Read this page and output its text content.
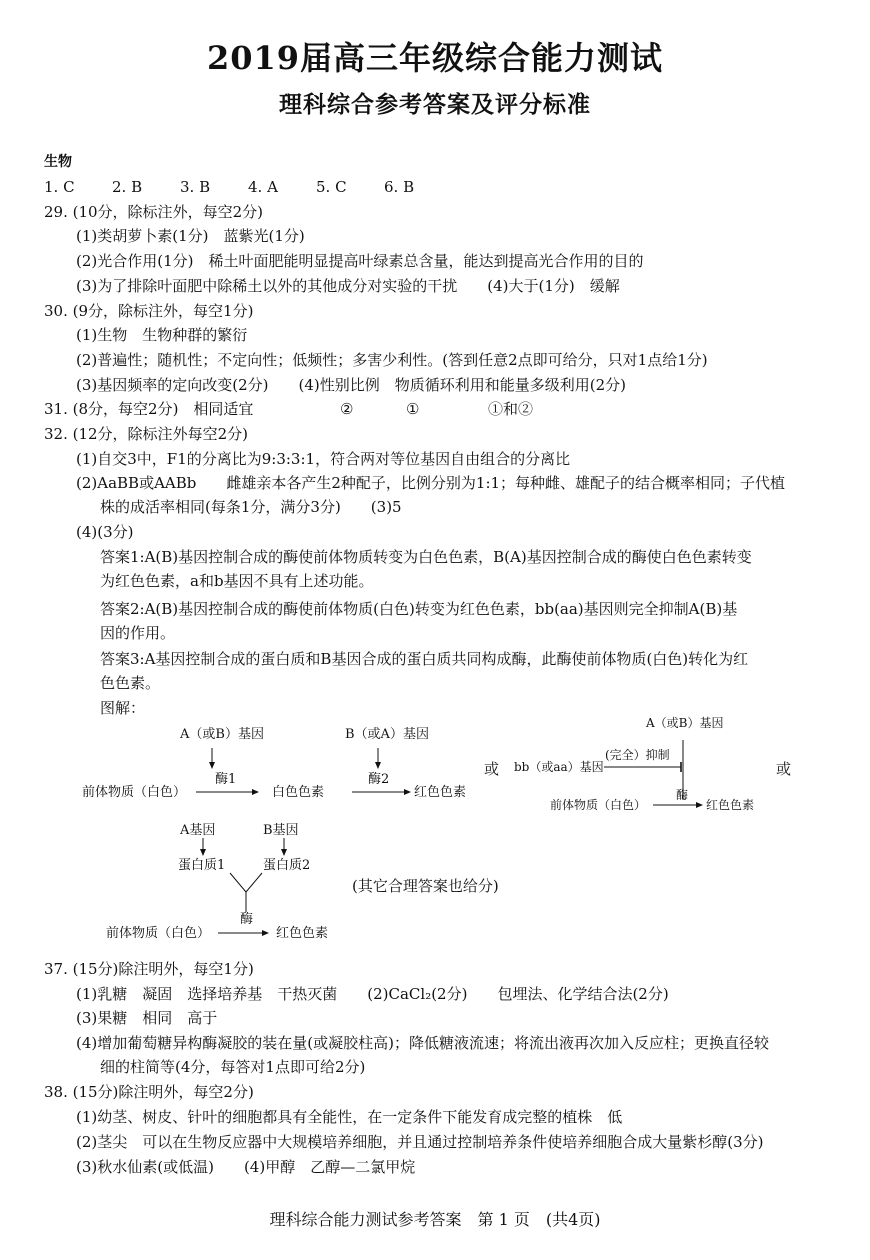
2019届高三年级综合能力测试
理科综合参考答案及评分标准
生物
1. C 2. B	3. B	4. A	5. C 6. B
29. (10分，除标注外，每空2分)
(1)类胡萝卜素(1分)　蓝紫光(1分)
(2)光合作用(1分)　稀土叶面肥能明显提高叶绿素总含量，能达到提高光合作用的目的
(3)为了排除叶面肥中除稀土以外的其他成分对实验的干扰　　(4)大于(1分)　缓解
30. (9分，除标注外，每空1分)
(1)生物　生物种群的繁衍
(2)普遍性；随机性；不定向性；低频性；多害少利性。(答到任意2点即可给分，只对1点给1分)
(3)基因频率的定向改变(2分)　　(4)性别比例　物质循环利用和能量多级利用(2分)
31. (8分，每空2分)　相同适宜	②	①	①和②
32. (12分，除标注外每空2分)
(1)自交3中，F1的分离比为9:3:3:1，符合两对等位基因自由组合的分离比
(2)AaBB或AABb　　雌雄亲本各产生2种配子，比例分别为1:1；每种雌、雄配子的结合概率相同；子代植
株的成活率相同(每条1分，满分3分)　　(3)5
(4)(3分)
答案1:A(B)基因控制合成的酶使前体物质转变为白色色素，B(A)基因控制合成的酶使白色色素转变
为红色色素，a和b基因不具有上述功能。
答案2:A(B)基因控制合成的酶使前体物质(白色)转变为红色色素，bb(aa)基因则完全抑制A(B)基
因的作用。
答案3:A基因控制合成的蛋白质和B基因合成的蛋白质共同构成酶，此酶使前体物质(白色)转化为红
色色素。
图解：
A（或B）基因	B（或A）基因
酶1	酶2
前体物质（白色）	白色色素	红色色素
或
A（或B）基因
bb（或aa）基因
(完全）抑制
酶
前体物质（白色）	红色色素
或
A基因	B基因
蛋白质1	蛋白质2
酶
前体物质（白色）	红色色素
(其它合理答案也给分)
37. (15分)除注明外，每空1分)
(1)乳糖　凝固　选择培养基　干热灭菌　　(2)CaCl₂(2分)　　包埋法、化学结合法(2分)
(3)果糖　相同　高于
(4)增加葡萄糖异构酶凝胶的装在量(或凝胶柱高)；降低糖液流速；将流出液再次加入反应柱；更换直径较
细的柱简等(4分，每答对1点即可给2分)
38. (15分)除注明外，每空2分)
(1)幼茎、树皮、针叶的细胞都具有全能性，在一定条件下能发育成完整的植株　低
(2)茎尖　可以在生物反应器中大规模培养细胞，并且通过控制培养条件使培养细胞合成大量紫杉醇(3分)
(3)秋水仙素(或低温)　　(4)甲醇　乙醇—二氯甲烷
理科综合能力测试参考答案　第 1 页　(共4页)
